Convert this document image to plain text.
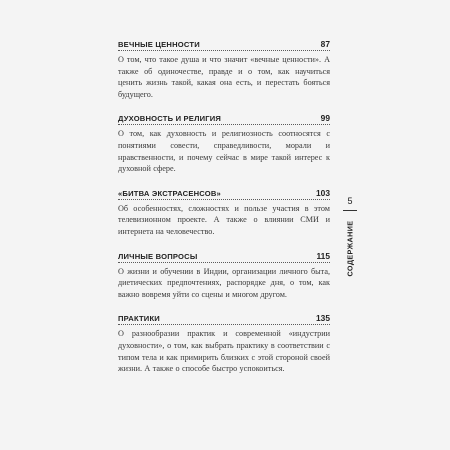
ВЕЧНЫЕ ЦЕННОСТИ	87
О том, что такое душа и что значит «вечные ценности». А также об одиночестве, правде и о том, как научиться ценить жизнь такой, какая она есть, и перестать бояться будущего.
ДУХОВНОСТЬ И РЕЛИГИЯ	99
О том, как духовность и религиозность соотносятся с понятиями совести, справедливости, морали и нравственности, и почему сейчас в мире такой интерес к духовной сфере.
«БИТВА ЭКСТРАСЕНСОВ»	103
Об особенностях, сложностях и пользе участия в этом телевизионном проекте. А также о влиянии СМИ и интернета на человечество.
ЛИЧНЫЕ ВОПРОСЫ	115
О жизни и обучении в Индии, организации личного быта, диетических предпочтениях, распорядке дня, о том, как важно вовремя уйти со сцены и многом другом.
ПРАКТИКИ	135
О разнообразии практик и современной «индустрии духовности», о том, как выбрать практику в соответствии с типом тела и как примирить близких с этой стороной своей жизни. А также о способе быстро успокоиться.
5
СОДЕРЖАНИЕ
